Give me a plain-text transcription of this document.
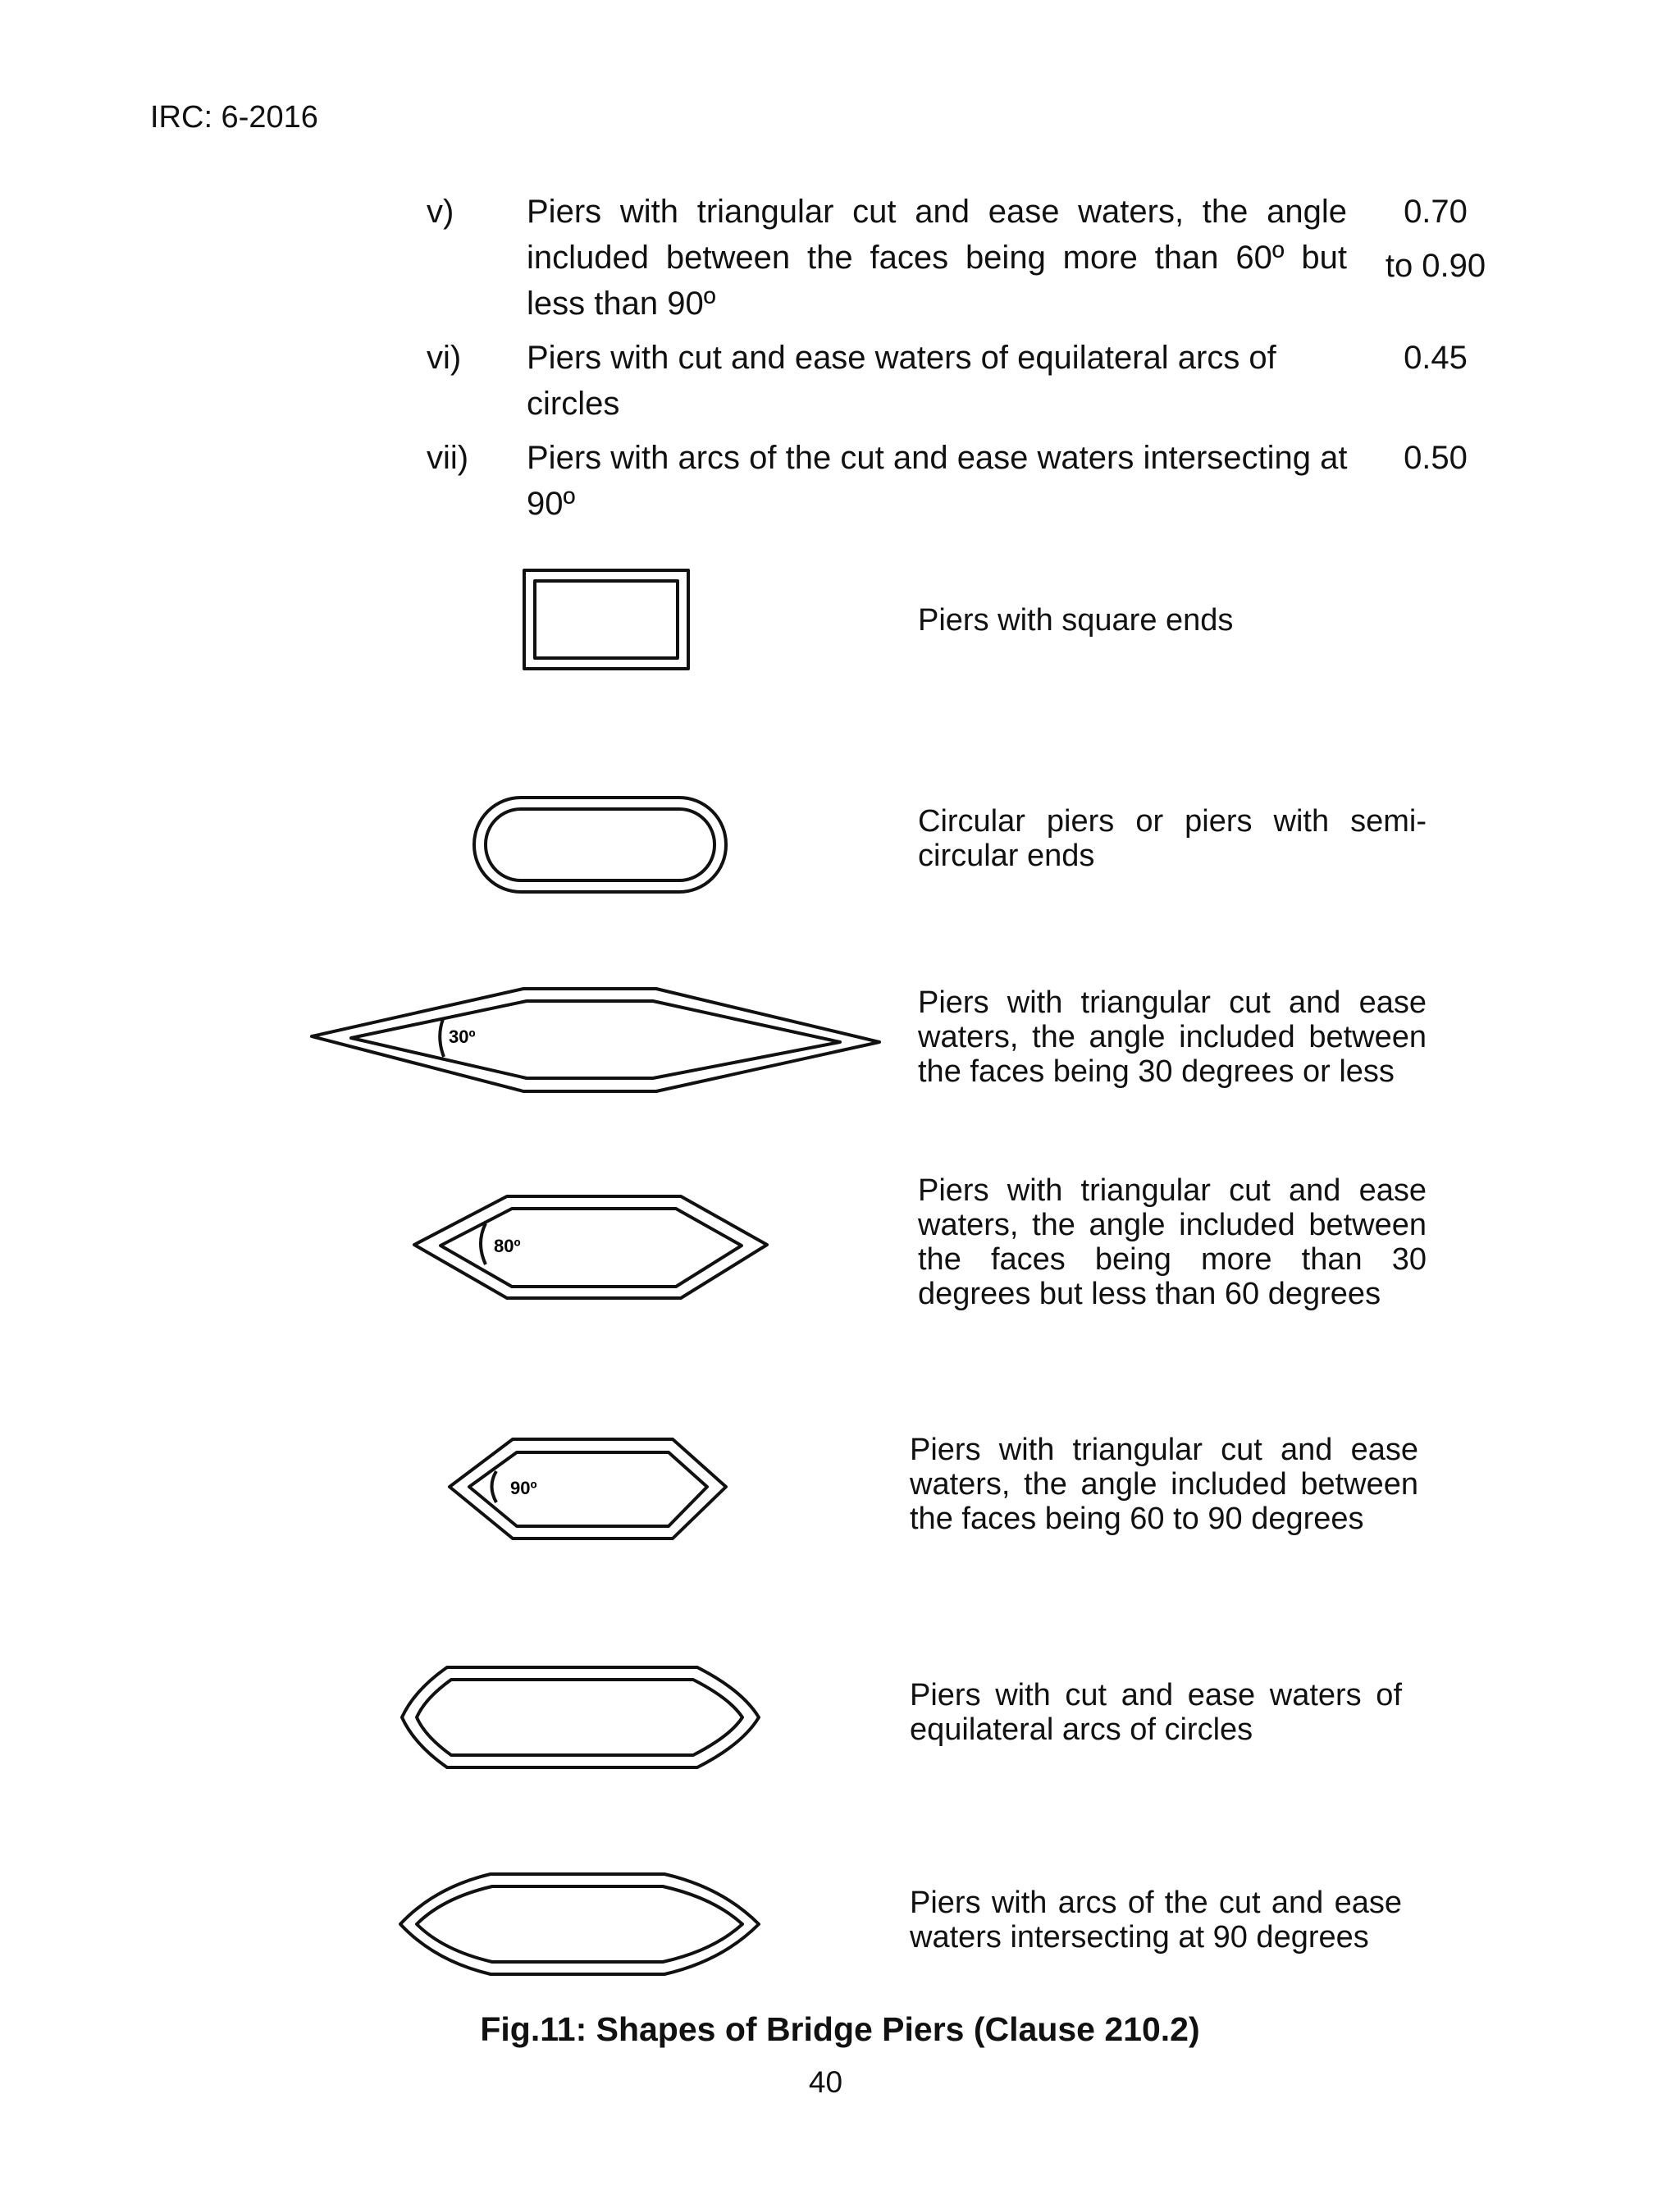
IRC: 6-2016
v) Piers with triangular cut and ease waters, the angle included between the faces being more than 60º but less than 90º
0.70
to 0.90
vi) Piers with cut and ease waters of equilateral arcs of circles
0.45
vii) Piers with arcs of the cut and ease waters intersecting at 90º
0.50
30º
80º
90º
Piers with square ends
Circular piers or piers with semi-circular ends
Piers with triangular cut and ease waters, the angle included between the faces being 30 degrees or less
Piers with triangular cut and ease waters, the angle included between the faces being more than 30 degrees but less than 60 degrees
Piers with triangular cut and ease waters, the angle included between the faces being 60 to 90 degrees
Piers with cut and ease waters of equilateral arcs of circles
Piers with arcs of the cut and ease waters intersecting at 90 degrees
Fig.11: Shapes of Bridge Piers (Clause 210.2)
40
